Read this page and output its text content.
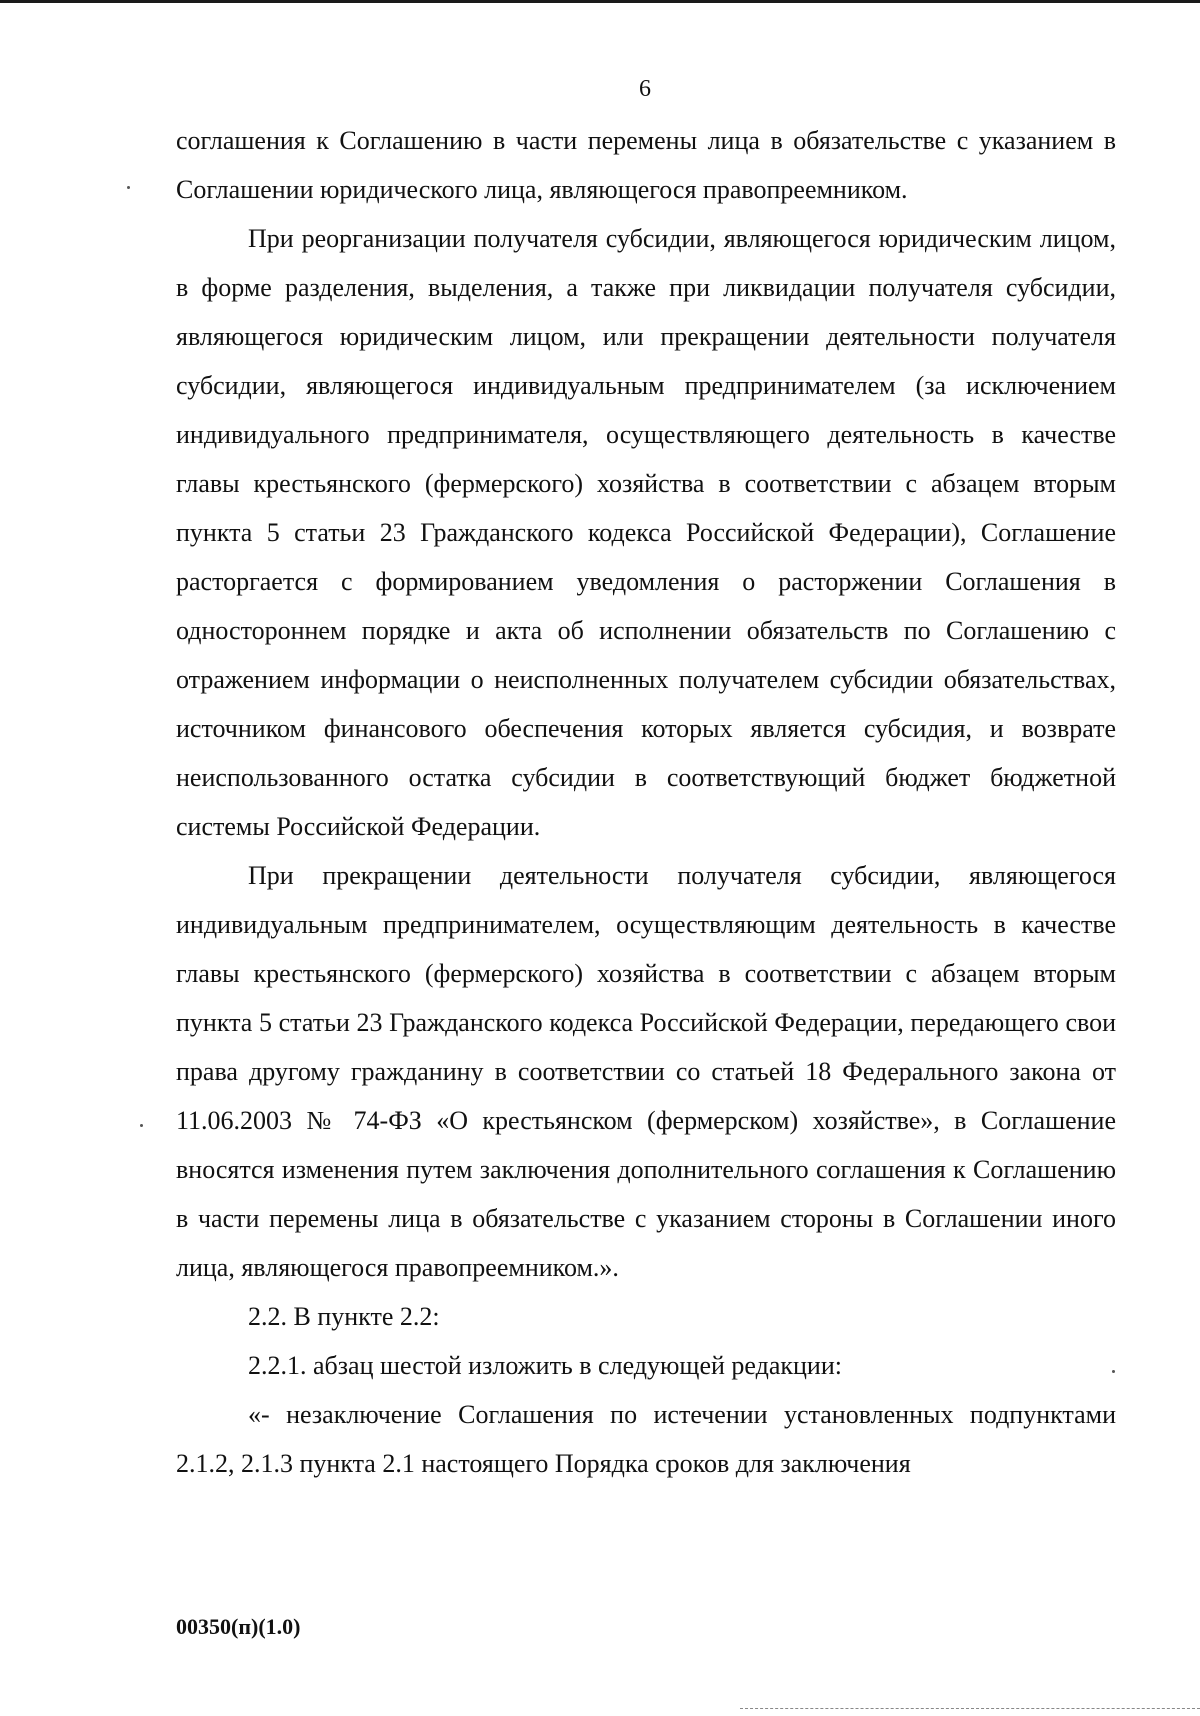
6

соглашения к Соглашению в части перемены лица в обязательстве с указанием в Соглашении юридического лица, являющегося правопреемником.

При реорганизации получателя субсидии, являющегося юридическим лицом, в форме разделения, выделения, а также при ликвидации получателя субсидии, являющегося юридическим лицом, или прекращении деятельности получателя субсидии, являющегося индивидуальным предпринимателем (за исключением индивидуального предпринимателя, осуществляющего деятельность в качестве главы крестьянского (фермерского) хозяйства в соответствии с абзацем вторым пункта 5 статьи 23 Гражданского кодекса Российской Федерации), Соглашение расторгается с формированием уведомления о расторжении Соглашения в одностороннем порядке и акта об исполнении обязательств по Соглашению с отражением информации о неисполненных получателем субсидии обязательствах, источником финансового обеспечения которых является субсидия, и возврате неиспользованного остатка субсидии в соответствующий бюджет бюджетной системы Российской Федерации.

При прекращении деятельности получателя субсидии, являющегося индивидуальным предпринимателем, осуществляющим деятельность в качестве главы крестьянского (фермерского) хозяйства в соответствии с абзацем вторым пункта 5 статьи 23 Гражданского кодекса Российской Федерации, передающего свои права другому гражданину в соответствии со статьей 18 Федерального закона от 11.06.2003 № 74-ФЗ «О крестьянском (фермерском) хозяйстве», в Соглашение вносятся изменения путем заключения дополнительного соглашения к Соглашению в части перемены лица в обязательстве с указанием стороны в Соглашении иного лица, являющегося правопреемником.».

2.2. В пункте 2.2:

2.2.1. абзац шестой изложить в следующей редакции:

«- незаключение Соглашения по истечении установленных подпунктами 2.1.2, 2.1.3 пункта 2.1 настоящего Порядка сроков для заключения

00350(п)(1.0)
